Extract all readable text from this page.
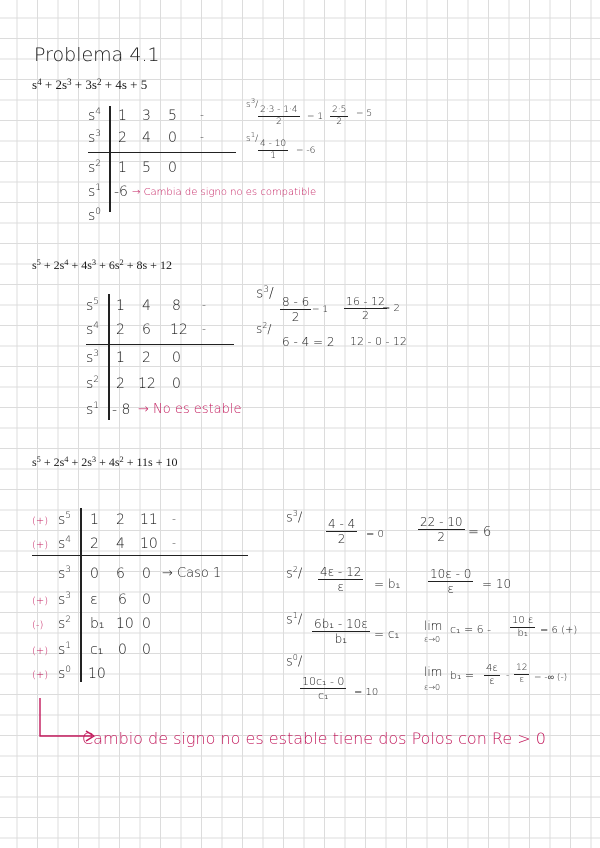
Problema 4.1
$s^4 + 2s^3 + 3s^2 + 4s + 5$
$s^4$ 1 3 5 -
$s^3$ 2 4 0 -
$s^2$ 1 5 0
$s^1$ -6 → Cambia de signo no es compatible
$s^0$
$s^3/$
$\frac{2\cdot 3 - 1\cdot 4}{2} = 1 \frac{2\cdot 5}{2} = 5$
$s^1/$
$\frac{4 - 10}{1} = -6$
$s^5 + 2s^4 + 4s^3 + 6s^2 + 8s + 12$
$s^5$ 1 4 8 -
$s^4$ 2 6 12 -
$s^3$ 1 2 0
$s^2$ 2 12 0
$s^1 - 8 \to No$ es estable
$s^3/$
$\frac{8 - 6}{2} = 1 \frac{16 - 12}{2}$
= 2
$s^2/$
6 - 4 = 2 12 - 0 - 12
$s^5 + 2s^4 + 2s^3 + 4s^2 + 11s + 10$
(+) $s^5$ 1 2 11 -
(+) $s^4$ 2 4 10 -
$s^3$ 0 6 0 → Caso 1
(+) $s^3$ ε 6 0
(-) $s^2$ b₁ 10 0
(+) $s^1$ c₁ 0 0
(+) $s^0$ 10
$s^3/$
$\frac{4 - 4}{2} = 0$	$\frac{22 - 10}{2} = 6$
$s^2/ \frac{4\varepsilon - 12}{\varepsilon} = b_1 \frac{10\varepsilon - 0}{\varepsilon} = 10$
$s^1/ \frac{\text{6b₁ - 10ε}}{\text{b₁}} = c_1$
lim
ε→0
$c_1 = 6 - \frac{10 \varepsilon}{\text{b₁}} = 6$ (+)
$s^0/$
$\frac{\text{10c₁ - 0}}{\text{c₁}} = 10$
lim
ε→0
$b_1 = \frac{4\varepsilon}{\varepsilon} - \frac{12}{\varepsilon}$ = -∞ (-)
Cambio de signo no es estable tiene dos Polos con Re > 0
